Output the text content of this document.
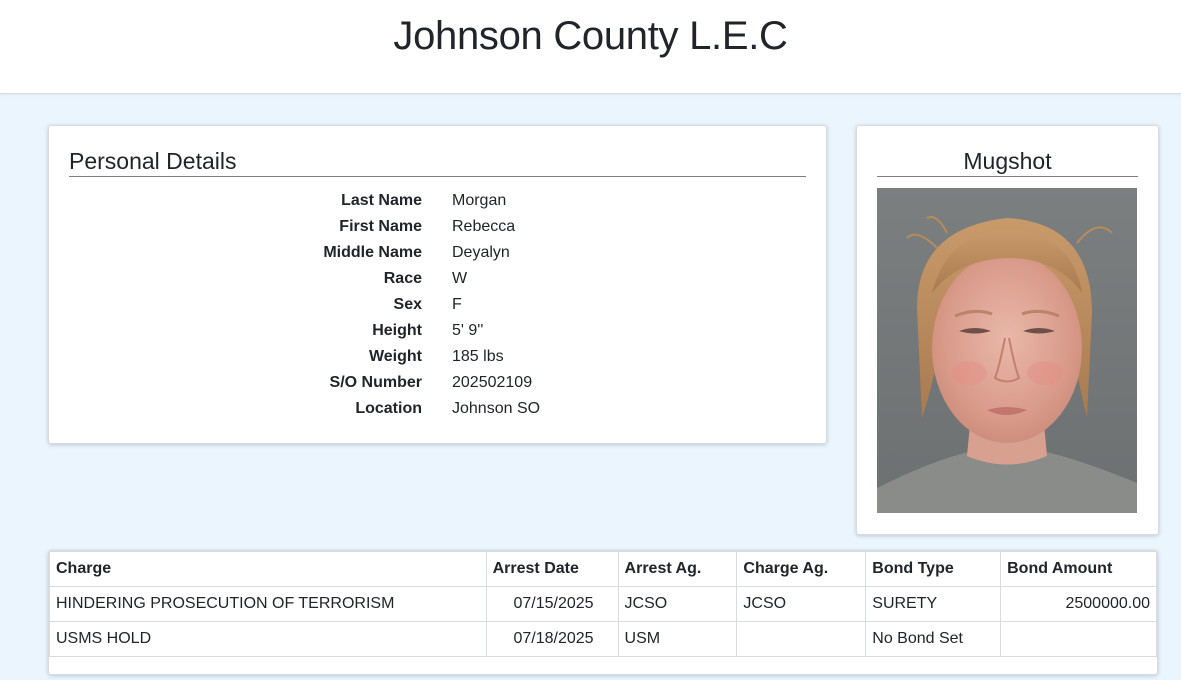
Johnson County L.E.C
Personal Details
Last Name Morgan
First Name Rebecca
Middle Name Deyalyn
Race W
Sex F
Height 5' 9''
Weight 185 lbs
S/O Number 202502109
Location Johnson SO
Mugshot
Charge	Arrest Date	Arrest Ag.	Charge Ag.	Bond Type	Bond Amount
HINDERING PROSECUTION OF TERRORISM	07/15/2025	JCSO	JCSO	SURETY	2500000.00
USMS HOLD	07/18/2025	USM		No Bond Set	
